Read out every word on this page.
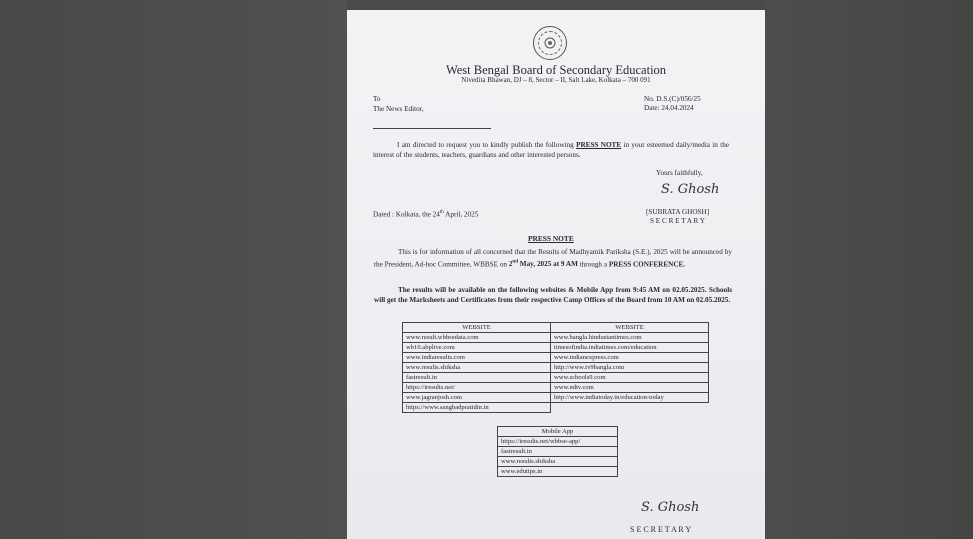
West Bengal Board of Secondary Education
Nivedita Bhawan, DJ – 8, Sector – II, Salt Lake, Kolkata – 700 091
To
The News Editor,
No. D.S.(C)/056/25
Date: 24.04.2024
I am directed to request you to kindly publish the following PRESS NOTE in your esteemed daily/media in the interest of the students, teachers, guardians and other interested persons.
Yours faithfully,
S. Ghosh
Dated : Kolkata, the 24th April, 2025	[SUBRATA GHOSH]
S E C R E T A R Y
PRESS NOTE
This is for information of all concerned that the Results of Madhyamik Pariksha (S.E.), 2025 will be announced by the President, Ad-hoc Committee, WBBSE on 2nd May, 2025 at 9 AM through a PRESS CONFERENCE.
The results will be available on the following websites & Mobile App from 9:45 AM on 02.05.2025. Schools will get the Marksheets and Certificates from their respective Camp Offices of the Board from 10 AM on 02.05.2025.
WEBSITE	WEBSITE
www.result.wbbsedata.com	www.bangla.hindustantimes.com
wb10.abplive.com	timesofindia.indiatimes.com/education
www.indiaresults.com	www.indianexpress.com
www.results.shiksha	http://www.tv9bangla.com
fastresult.in	www.schools9.com
https://iresults.net/	www.ndtv.com
www.jagranjosh.com	http://www.indiatoday.in/education-today
https://www.sangbadpratidin.in	
Mobile App
https://iresults.net/wbbse-app/
fastresult.in
www.results.shiksha
www.edutips.in
S. Ghosh
S E C R E T A R Y
